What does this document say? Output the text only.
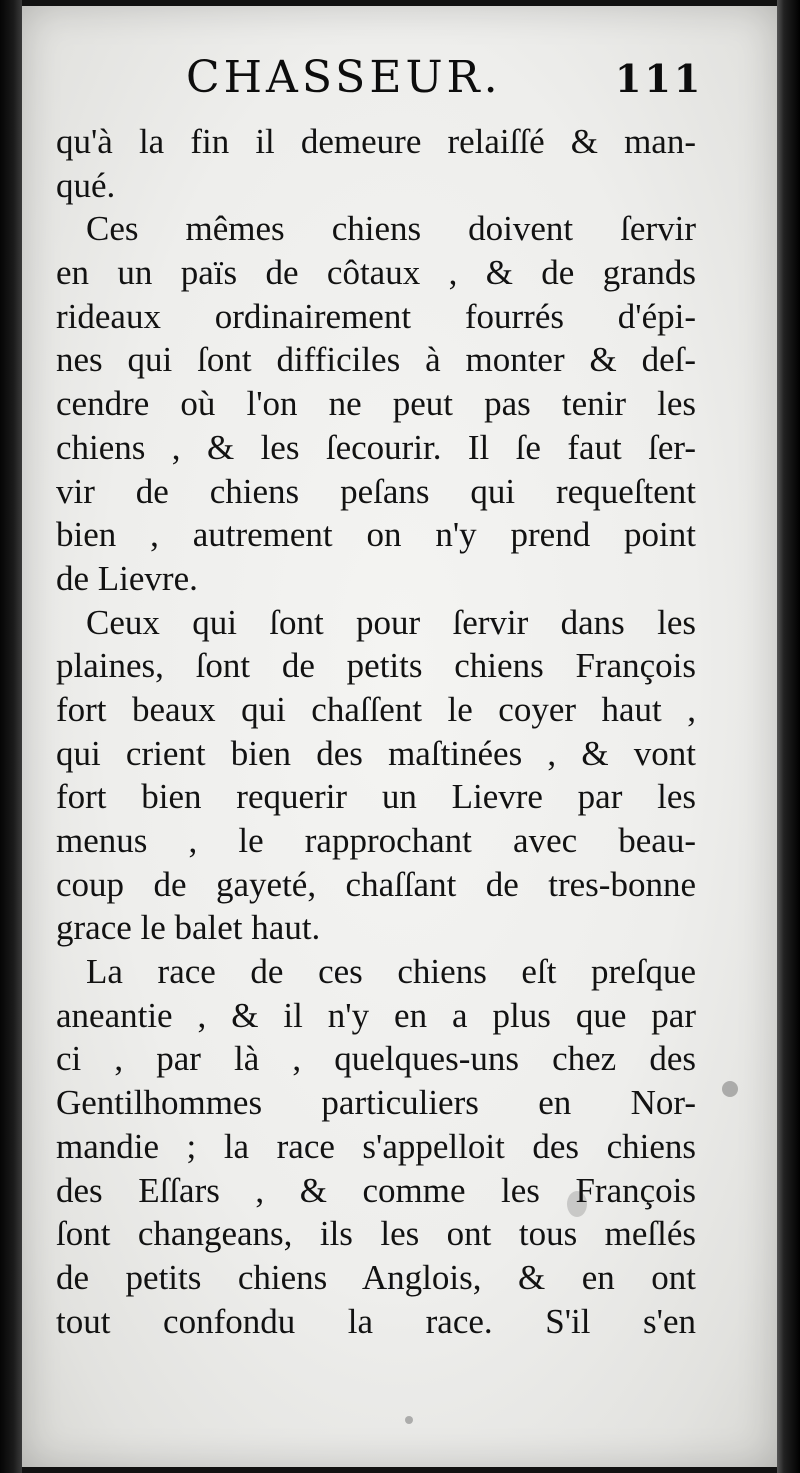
CHASSEUR.	111
qu'à la fin il demeure relaiſſé & man-
qué.
Ces mêmes chiens doivent ſervir
en un païs de côtaux , & de grands
rideaux ordinairement fourrés d'épi-
nes qui ſont difficiles à monter & deſ-
cendre où l'on ne peut pas tenir les
chiens , & les ſecourir. Il ſe faut ſer-
vir de chiens peſans qui requeſtent
bien , autrement on n'y prend point
de Lievre.
Ceux qui ſont pour ſervir dans les
plaines, ſont de petits chiens François
fort beaux qui chaſſent le coyer haut ,
qui crient bien des maſtinées , & vont
fort bien requerir un Lievre par les
menus , le rapprochant avec beau-
coup de gayeté, chaſſant de tres-bonne
grace le balet haut.
La race de ces chiens eſt preſque
aneantie , & il n'y en a plus que par
ci , par là , quelques-uns chez des
Gentilhommes particuliers en Nor-
mandie ; la race s'appelloit des chiens
des Eſſars , & comme les François
ſont changeans, ils les ont tous meſlés
de petits chiens Anglois, & en ont
tout confondu la race. S'il s'en
